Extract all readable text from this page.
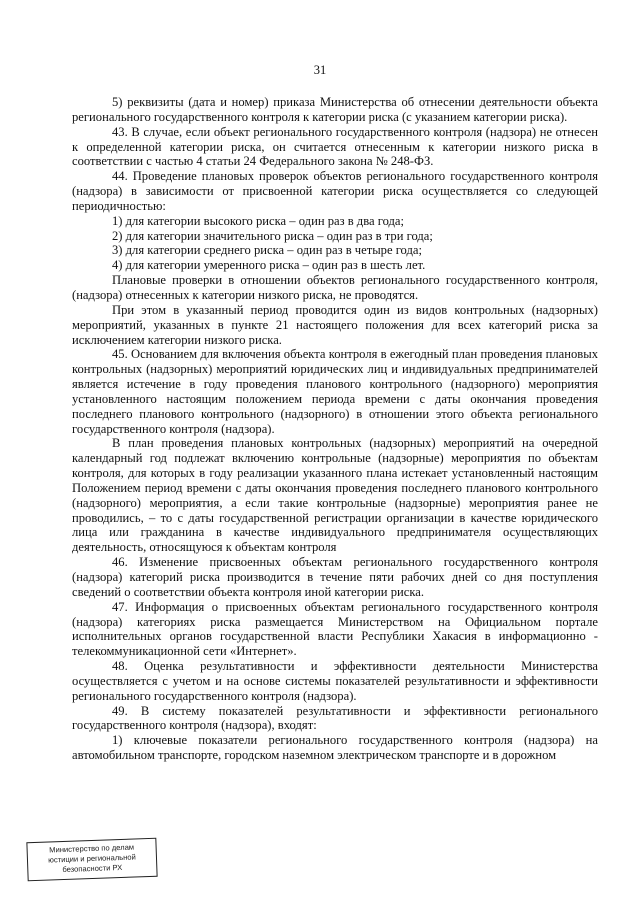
31

5) реквизиты (дата и номер) приказа Министерства об отнесении деятельности объекта регионального государственного контроля к категории риска (с указанием категории риска).

43. В случае, если объект регионального государственного контроля (надзора) не отнесен к определенной категории риска, он считается отнесенным к категории низкого риска в соответствии с частью 4 статьи 24 Федерального закона № 248-ФЗ.

44. Проведение плановых проверок объектов регионального государственного контроля (надзора) в зависимости от присвоенной категории риска осуществляется со следующей периодичностью:

1) для категории высокого риска – один раз в два года;

2) для категории значительного риска – один раз в три года;

3) для категории среднего риска – один раз в четыре года;

4) для категории умеренного риска – один раз в шесть лет.

Плановые проверки в отношении объектов регионального государственного контроля, (надзора) отнесенных к категории низкого риска, не проводятся.

При этом в указанный период проводится один из видов контрольных (надзорных) мероприятий, указанных в пункте 21 настоящего положения для всех категорий риска за исключением категории низкого риска.

45. Основанием для включения объекта контроля в ежегодный план проведения плановых контрольных (надзорных) мероприятий юридических лиц и индивидуальных предпринимателей является истечение в году проведения планового контрольного (надзорного) мероприятия установленного настоящим положением периода времени с даты окончания проведения последнего планового контрольного (надзорного) в отношении этого объекта регионального государственного контроля (надзора).

В план проведения плановых контрольных (надзорных) мероприятий на очередной календарный год подлежат включению контрольные (надзорные) мероприятия по объектам контроля, для которых в году реализации указанного плана истекает установленный настоящим Положением период времени с даты окончания проведения последнего планового контрольного (надзорного) мероприятия, а если такие контрольные (надзорные) мероприятия ранее не проводились, – то с даты государственной регистрации организации в качестве юридического лица или гражданина в качестве индивидуального предпринимателя осуществляющих деятельность, относящуюся к объектам контроля

46. Изменение присвоенных объектам регионального государственного контроля (надзора) категорий риска производится в течение пяти рабочих дней со дня поступления сведений о соответствии объекта контроля иной категории риска.

47. Информация о присвоенных объектам регионального государственного контроля (надзора) категориях риска размещается Министерством на Официальном портале исполнительных органов государственной власти Республики Хакасия в информационно - телекоммуникационной сети «Интернет».

48. Оценка результативности и эффективности деятельности Министерства осуществляется с учетом и на основе системы показателей результативности и эффективности регионального государственного контроля (надзора).

49. В систему показателей результативности и эффективности регионального государственного контроля (надзора), входят:

1) ключевые показатели регионального государственного контроля (надзора) на автомобильном транспорте, городском наземном электрическом транспорте и в дорожном

Министерство по делам
юстиции и региональной
безопасности РХ
